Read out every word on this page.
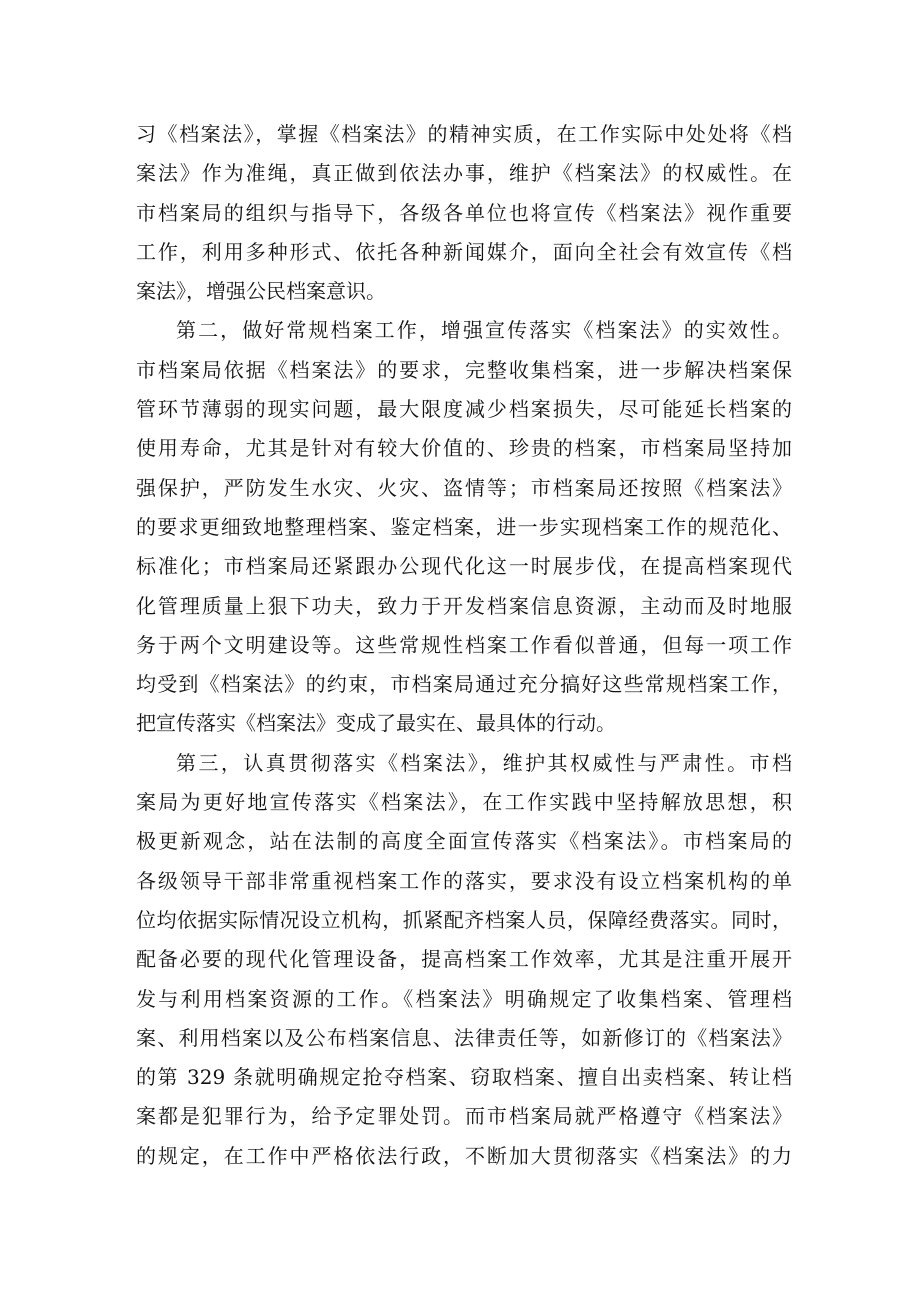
习《档案法》，掌握《档案法》的精神实质，在工作实际中处处将《档
案法》作为准绳，真正做到依法办事，维护《档案法》的权威性。在
市档案局的组织与指导下，各级各单位也将宣传《档案法》视作重要
工作，利用多种形式、依托各种新闻媒介，面向全社会有效宣传《档
案法》，增强公民档案意识。
第二，做好常规档案工作，增强宣传落实《档案法》的实效性。
市档案局依据《档案法》的要求，完整收集档案，进一步解决档案保
管环节薄弱的现实问题，最大限度减少档案损失，尽可能延长档案的
使用寿命，尤其是针对有较大价值的、珍贵的档案，市档案局坚持加
强保护，严防发生水灾、火灾、盗情等；市档案局还按照《档案法》
的要求更细致地整理档案、鉴定档案，进一步实现档案工作的规范化、
标准化；市档案局还紧跟办公现代化这一时展步伐，在提高档案现代
化管理质量上狠下功夫，致力于开发档案信息资源，主动而及时地服
务于两个文明建设等。这些常规性档案工作看似普通，但每一项工作
均受到《档案法》的约束，市档案局通过充分搞好这些常规档案工作，
把宣传落实《档案法》变成了最实在、最具体的行动。
第三，认真贯彻落实《档案法》，维护其权威性与严肃性。市档
案局为更好地宣传落实《档案法》，在工作实践中坚持解放思想，积
极更新观念，站在法制的高度全面宣传落实《档案法》。市档案局的
各级领导干部非常重视档案工作的落实，要求没有设立档案机构的单
位均依据实际情况设立机构，抓紧配齐档案人员，保障经费落实。同时，
配备必要的现代化管理设备，提高档案工作效率，尤其是注重开展开
发与利用档案资源的工作。《档案法》明确规定了收集档案、管理档
案、利用档案以及公布档案信息、法律责任等，如新修订的《档案法》
的第 329 条就明确规定抢夺档案、窃取档案、擅自出卖档案、转让档
案都是犯罪行为，给予定罪处罚。而市档案局就严格遵守《档案法》
的规定，在工作中严格依法行政，不断加大贯彻落实《档案法》的力
